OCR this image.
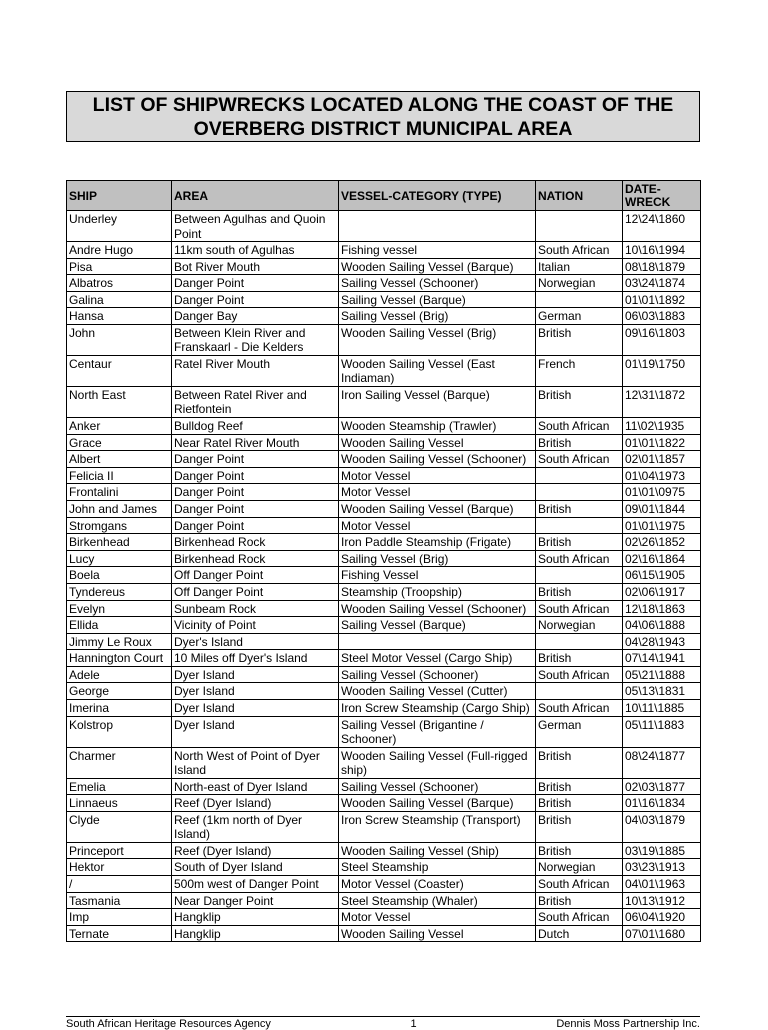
LIST OF SHIPWRECKS LOCATED ALONG THE COAST OF THE
OVERBERG DISTRICT MUNICIPAL AREA
SHIP	AREA	VESSEL-CATEGORY (TYPE)	NATION	DATE-WRECK
Underley	Between Agulhas and Quoin Point			12\24\1860
Andre Hugo	11km south of Agulhas	Fishing vessel	South African	10\16\1994
Pisa	Bot River Mouth	Wooden Sailing Vessel (Barque)	Italian	08\18\1879
Albatros	Danger Point	Sailing Vessel (Schooner)	Norwegian	03\24\1874
Galina	Danger Point	Sailing Vessel (Barque)		01\01\1892
Hansa	Danger Bay	Sailing Vessel (Brig)	German	06\03\1883
John	Between Klein River and Franskaarl - Die Kelders	Wooden Sailing Vessel (Brig)	British	09\16\1803
Centaur	Ratel River Mouth	Wooden Sailing Vessel (East Indiaman)	French	01\19\1750
North East	Between Ratel River and Rietfontein	Iron Sailing Vessel (Barque)	British	12\31\1872
Anker	Bulldog Reef	Wooden Steamship (Trawler)	South African	11\02\1935
Grace	Near Ratel River Mouth	Wooden Sailing Vessel	British	01\01\1822
Albert	Danger Point	Wooden Sailing Vessel (Schooner)	South African	02\01\1857
Felicia II	Danger Point	Motor Vessel		01\04\1973
Frontalini	Danger Point	Motor Vessel		01\01\0975
John and James	Danger Point	Wooden Sailing Vessel (Barque)	British	09\01\1844
Stromgans	Danger Point	Motor Vessel		01\01\1975
Birkenhead	Birkenhead Rock	Iron Paddle Steamship (Frigate)	British	02\26\1852
Lucy	Birkenhead Rock	Sailing Vessel (Brig)	South African	02\16\1864
Boela	Off Danger Point	Fishing Vessel		06\15\1905
Tyndereus	Off Danger Point	Steamship (Troopship)	British	02\06\1917
Evelyn	Sunbeam Rock	Wooden Sailing Vessel (Schooner)	South African	12\18\1863
Ellida	Vicinity of Point	Sailing Vessel (Barque)	Norwegian	04\06\1888
Jimmy Le Roux	Dyer's Island			04\28\1943
Hannington Court	10 Miles off Dyer's Island	Steel Motor Vessel (Cargo Ship)	British	07\14\1941
Adele	Dyer Island	Sailing Vessel (Schooner)	South African	05\21\1888
George	Dyer Island	Wooden Sailing Vessel (Cutter)		05\13\1831
Imerina	Dyer Island	Iron Screw Steamship (Cargo Ship)	South African	10\11\1885
Kolstrop	Dyer Island	Sailing Vessel (Brigantine / Schooner)	German	05\11\1883
Charmer	North West of Point of Dyer Island	Wooden Sailing Vessel (Full-rigged ship)	British	08\24\1877
Emelia	North-east of Dyer Island	Sailing Vessel (Schooner)	British	02\03\1877
Linnaeus	Reef (Dyer Island)	Wooden Sailing Vessel (Barque)	British	01\16\1834
Clyde	Reef (1km north of Dyer Island)	Iron Screw Steamship (Transport)	British	04\03\1879
Princeport	Reef (Dyer Island)	Wooden Sailing Vessel (Ship)	British	03\19\1885
Hektor	South of Dyer Island	Steel Steamship	Norwegian	03\23\1913
/	500m west of Danger Point	Motor Vessel (Coaster)	South African	04\01\1963
Tasmania	Near Danger Point	Steel Steamship (Whaler)	British	10\13\1912
Imp	Hangklip	Motor Vessel	South African	06\04\1920
Ternate	Hangklip	Wooden Sailing Vessel	Dutch	07\01\1680
South African Heritage Resources Agency	1	Dennis Moss Partnership Inc.
